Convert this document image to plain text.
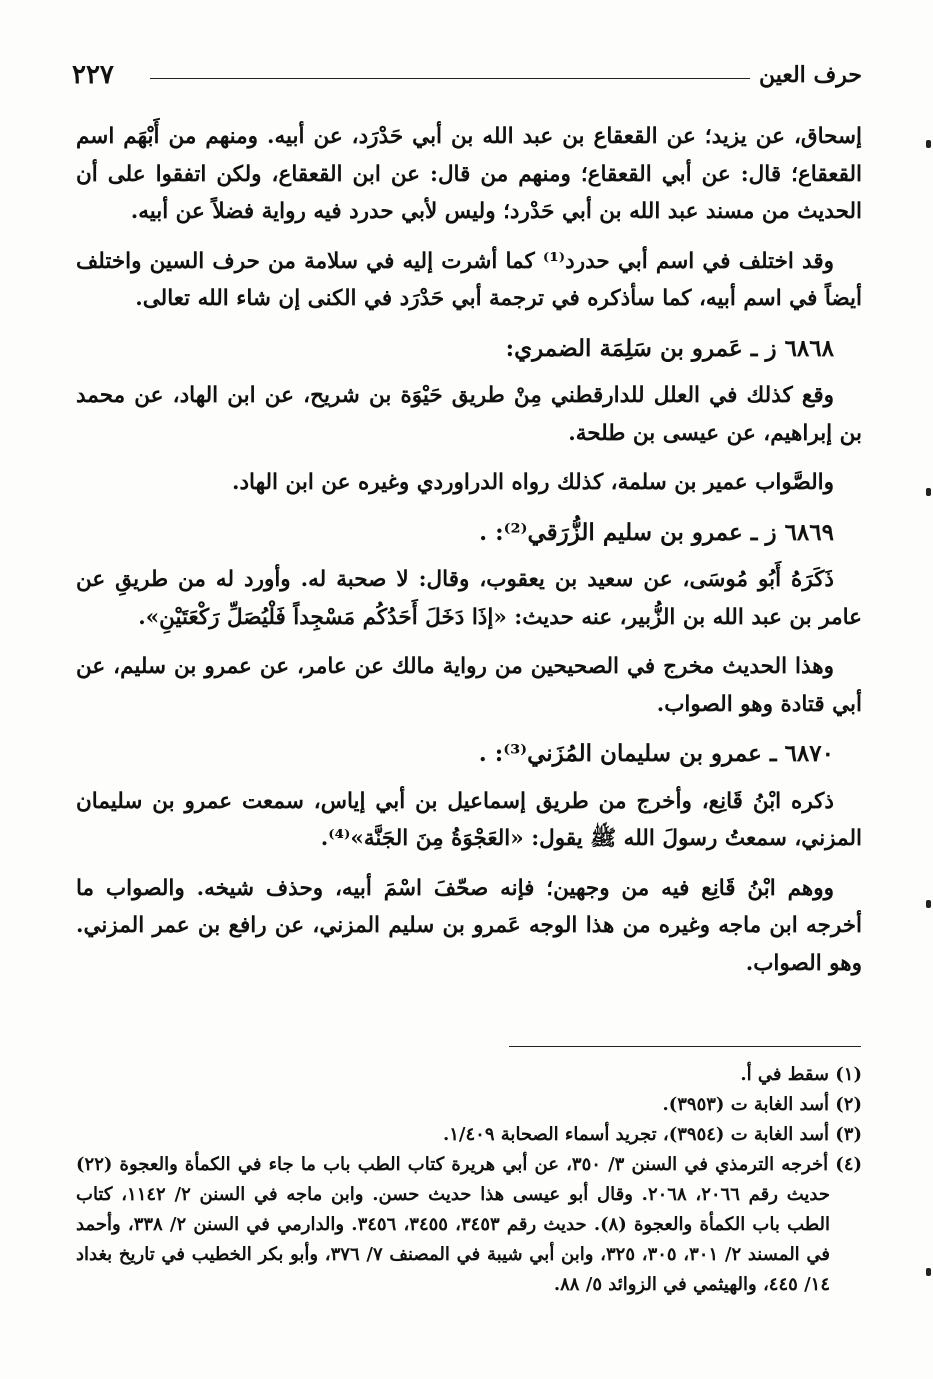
حرف العين
٢٢٧

إسحاق، عن يزيد؛ عن القعقاع بن عبد الله بن أبي حَدْرَد، عن أبيه. ومنهم من أَبْهَم اسم القعقاع؛ قال: عن أبي القعقاع؛ ومنهم من قال: عن ابن القعقاع، ولكن اتفقوا على أن الحديث من مسند عبد الله بن أبي حَدْرد؛ وليس لأبي حدرد فيه رواية فضلاً عن أبيه.

وقد اختلف في اسم أبي حدرد⁽¹⁾ كما أشرت إليه في سلامة من حرف السين واختلف أيضاً في اسم أبيه، كما سأذكره في ترجمة أبي حَدْرَد في الكنى إن شاء الله تعالى.

٦٨٦٨ ز ـ عَمرو بن سَلِمَة الضمري:

وقع كذلك في العلل للدارقطني مِنْ طريق حَيْوَة بن شريح، عن ابن الهاد، عن محمد بن إبراهيم، عن عيسى بن طلحة.

والصَّواب عمير بن سلمة، كذلك رواه الدراوردي وغيره عن ابن الهاد.

٦٨٦٩ ز ـ عمرو بن سليم الزُّرَقي⁽²⁾: .

ذَكَرَهُ أَبُو مُوسَى، عن سعيد بن يعقوب، وقال: لا صحبة له. وأورد له من طريقِ عن عامر بن عبد الله بن الزُّبير، عنه حديث: «إذَا دَخَلَ أَحَدُكُم مَسْجِداً فَلْيُصَلِّ رَكْعَتَيْنِ».

وهذا الحديث مخرج في الصحيحين من رواية مالك عن عامر، عن عمرو بن سليم، عن أبي قتادة وهو الصواب.

٦٨٧٠ ـ عمرو بن سليمان المُزَني⁽³⁾: .

ذكره ابْنُ قَانِع، وأخرج من طريق إسماعيل بن أبي إياس، سمعت عمرو بن سليمان المزني، سمعتُ رسولَ الله ﷺ يقول: «العَجْوَةُ مِنَ الجَنَّة»⁽⁴⁾.

ووهم ابْنُ قَانِع فيه من وجهين؛ فإنه صحّفَ اسْمَ أبيه، وحذف شيخه. والصواب ما أخرجه ابن ماجه وغيره من هذا الوجه عَمرو بن سليم المزني، عن رافع بن عمر المزني. وهو الصواب.

(١) سقط في أ.

(٢) أسد الغابة ت (٣٩٥٣).

(٣) أسد الغابة ت (٣٩٥٤)، تجريد أسماء الصحابة ١/٤٠٩.

(٤) أخرجه الترمذي في السنن ٣/ ٣٥٠، عن أبي هريرة كتاب الطب باب ما جاء في الكمأة والعجوة (٢٢) حديث رقم ٢٠٦٦، ٢٠٦٨. وقال أبو عيسى هذا حديث حسن. وابن ماجه في السنن ٢/ ١١٤٢، كتاب الطب باب الكمأة والعجوة (٨). حديث رقم ٣٤٥٣، ٣٤٥٥، ٣٤٥٦. والدارمي في السنن ٢/ ٣٣٨، وأحمد في المسند ٢/ ٣٠١، ٣٠٥، ٣٢٥، وابن أبي شيبة في المصنف ٧/ ٣٧٦، وأبو بكر الخطيب في تاريخ بغداد ١٤/ ٤٤٥، والهيثمي في الزوائد ٥/ ٨٨.
